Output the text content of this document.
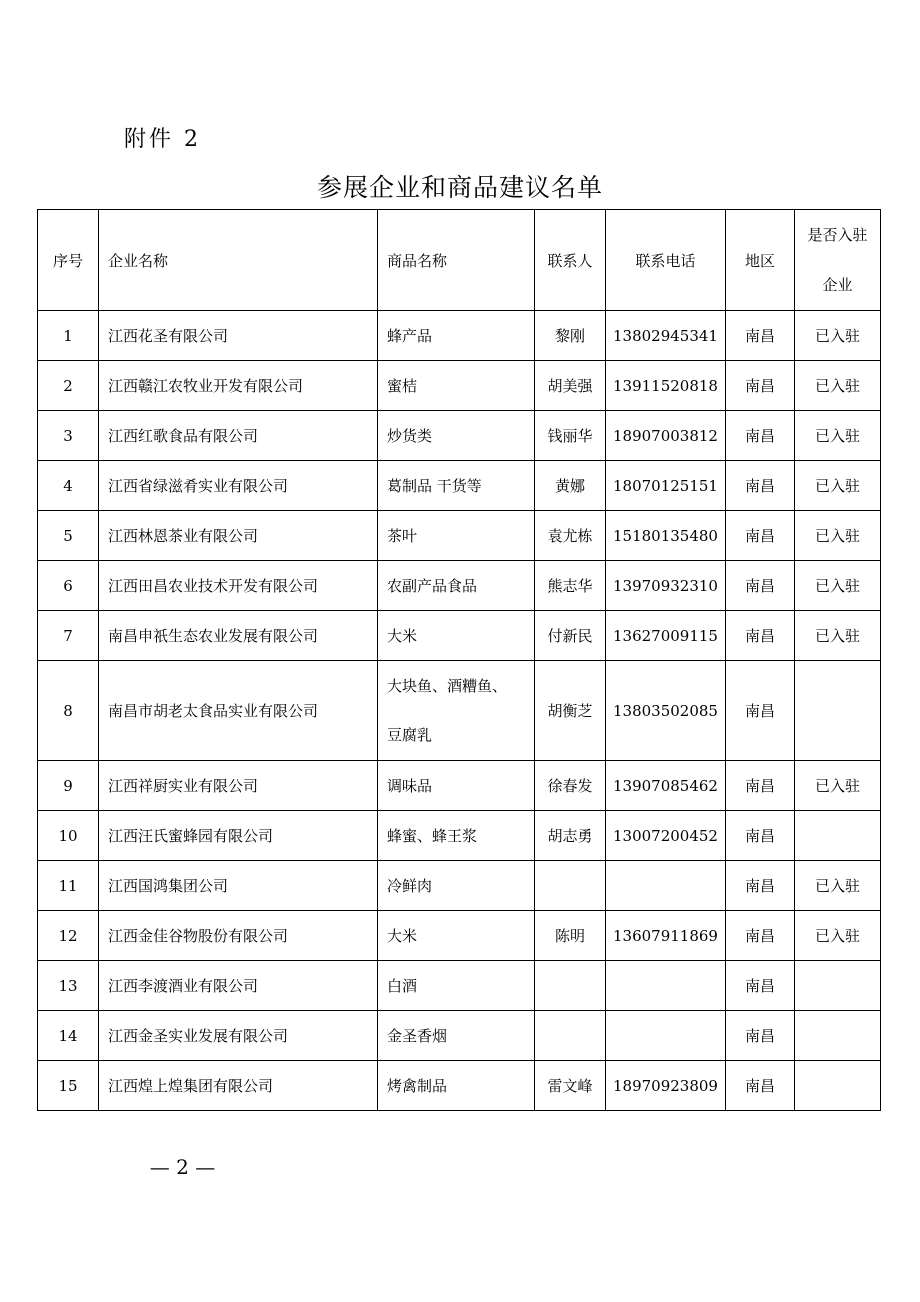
附件 2
参展企业和商品建议名单
序号	企业名称	商品名称	联系人	联系电话	地区	是否入驻
企业

1	江西花圣有限公司	蜂产品	黎刚	13802945341	南昌	已入驻
2	江西赣江农牧业开发有限公司	蜜桔	胡美强	13911520818	南昌	已入驻
3	江西红歌食品有限公司	炒货类	钱丽华	18907003812	南昌	已入驻
4	江西省绿滋肴实业有限公司	葛制品 干货等	黄娜	18070125151	南昌	已入驻
5	江西林恩茶业有限公司	茶叶	袁尤栋	15180135480	南昌	已入驻
6	江西田昌农业技术开发有限公司	农副产品食品	熊志华	13970932310	南昌	已入驻
7	南昌申祇生态农业发展有限公司	大米	付新民	13627009115	南昌	已入驻
8	南昌市胡老太食品实业有限公司	大块鱼、酒糟鱼、
豆腐乳	胡衡芝	13803502085	南昌	
9	江西祥厨实业有限公司	调味品	徐春发	13907085462	南昌	已入驻
10	江西汪氏蜜蜂园有限公司	蜂蜜、蜂王浆	胡志勇	13007200452	南昌	
11	江西国鸿集团公司	冷鲜肉			南昌	已入驻
12	江西金佳谷物股份有限公司	大米	陈明	13607911869	南昌	已入驻
13	江西李渡酒业有限公司	白酒			南昌	
14	江西金圣实业发展有限公司	金圣香烟			南昌	
15	江西煌上煌集团有限公司	烤禽制品	雷文峰	18970923809	南昌	
— 2 —
